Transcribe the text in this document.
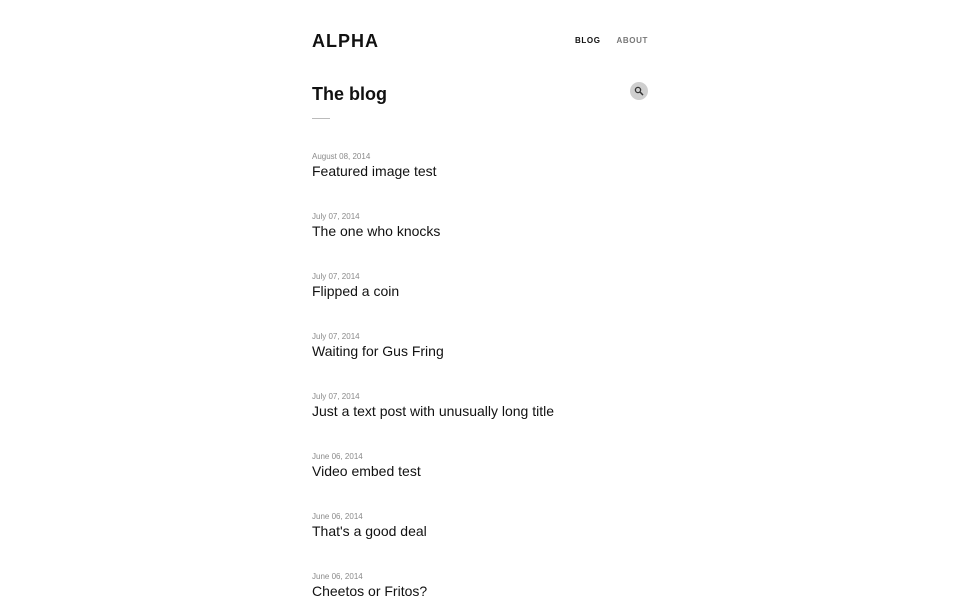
ALPHA	BLOG ABOUT
The blog
August 08, 2014
Featured image test
July 07, 2014
The one who knocks
July 07, 2014
Flipped a coin
July 07, 2014
Waiting for Gus Fring
July 07, 2014
Just a text post with unusually long title
June 06, 2014
Video embed test
June 06, 2014
That's a good deal
June 06, 2014
Cheetos or Fritos?
